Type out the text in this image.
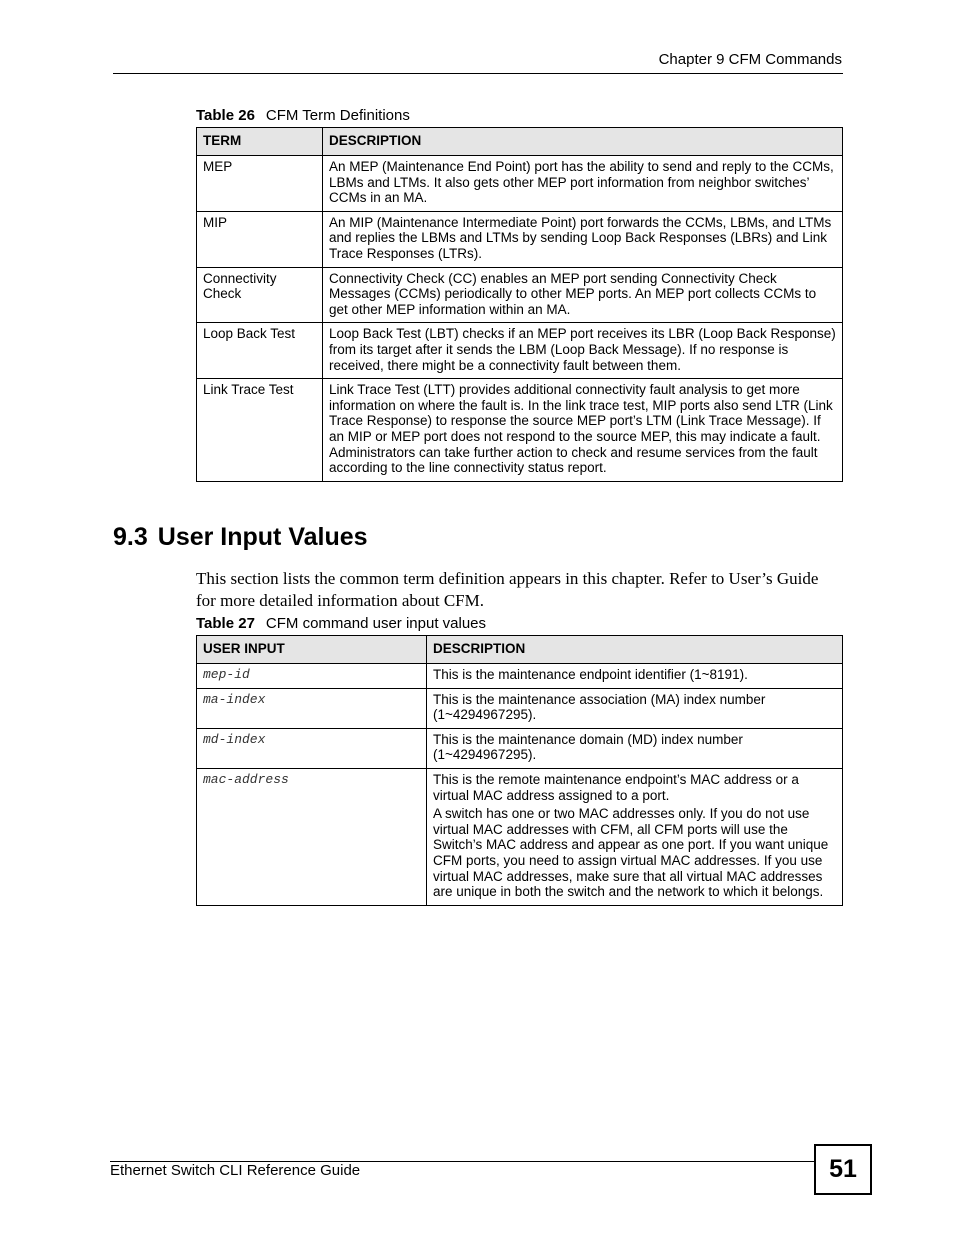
Chapter 9 CFM Commands
Table 26 CFM Term Definitions
TERM	DESCRIPTION
MEP	An MEP (Maintenance End Point) port has the ability to send and reply to the CCMs, LBMs and LTMs. It also gets other MEP port information from neighbor switches’ CCMs in an MA.
MIP	An MIP (Maintenance Intermediate Point) port forwards the CCMs, LBMs, and LTMs and replies the LBMs and LTMs by sending Loop Back Responses (LBRs) and Link Trace Responses (LTRs).
Connectivity Check	Connectivity Check (CC) enables an MEP port sending Connectivity Check Messages (CCMs) periodically to other MEP ports. An MEP port collects CCMs to get other MEP information within an MA.
Loop Back Test	Loop Back Test (LBT) checks if an MEP port receives its LBR (Loop Back Response) from its target after it sends the LBM (Loop Back Message). If no response is received, there might be a connectivity fault between them.
Link Trace Test	Link Trace Test (LTT) provides additional connectivity fault analysis to get more information on where the fault is. In the link trace test, MIP ports also send LTR (Link Trace Response) to response the source MEP port’s LTM (Link Trace Message). If an MIP or MEP port does not respond to the source MEP, this may indicate a fault. Administrators can take further action to check and resume services from the fault according to the line connectivity status report.
9.3 User Input Values

This section lists the common term definition appears in this chapter. Refer to User’s Guide for more detailed information about CFM.

Table 27 CFM command user input values
USER INPUT	DESCRIPTION
mep-id	This is the maintenance endpoint identifier (1~8191).

ma-index	This is the maintenance association (MA) index number (1~4294967295).

md-index	This is the maintenance domain (MD) index number (1~4294967295).

mac-address	This is the remote maintenance endpoint’s MAC address or a virtual MAC address assigned to a port.

A switch has one or two MAC addresses only. If you do not use virtual MAC addresses with CFM, all CFM ports will use the Switch’s MAC address and appear as one port. If you want unique CFM ports, you need to assign virtual MAC addresses. If you use virtual MAC addresses, make sure that all virtual MAC addresses are unique in both the switch and the network to which it belongs.

Ethernet Switch CLI Reference Guide	51
